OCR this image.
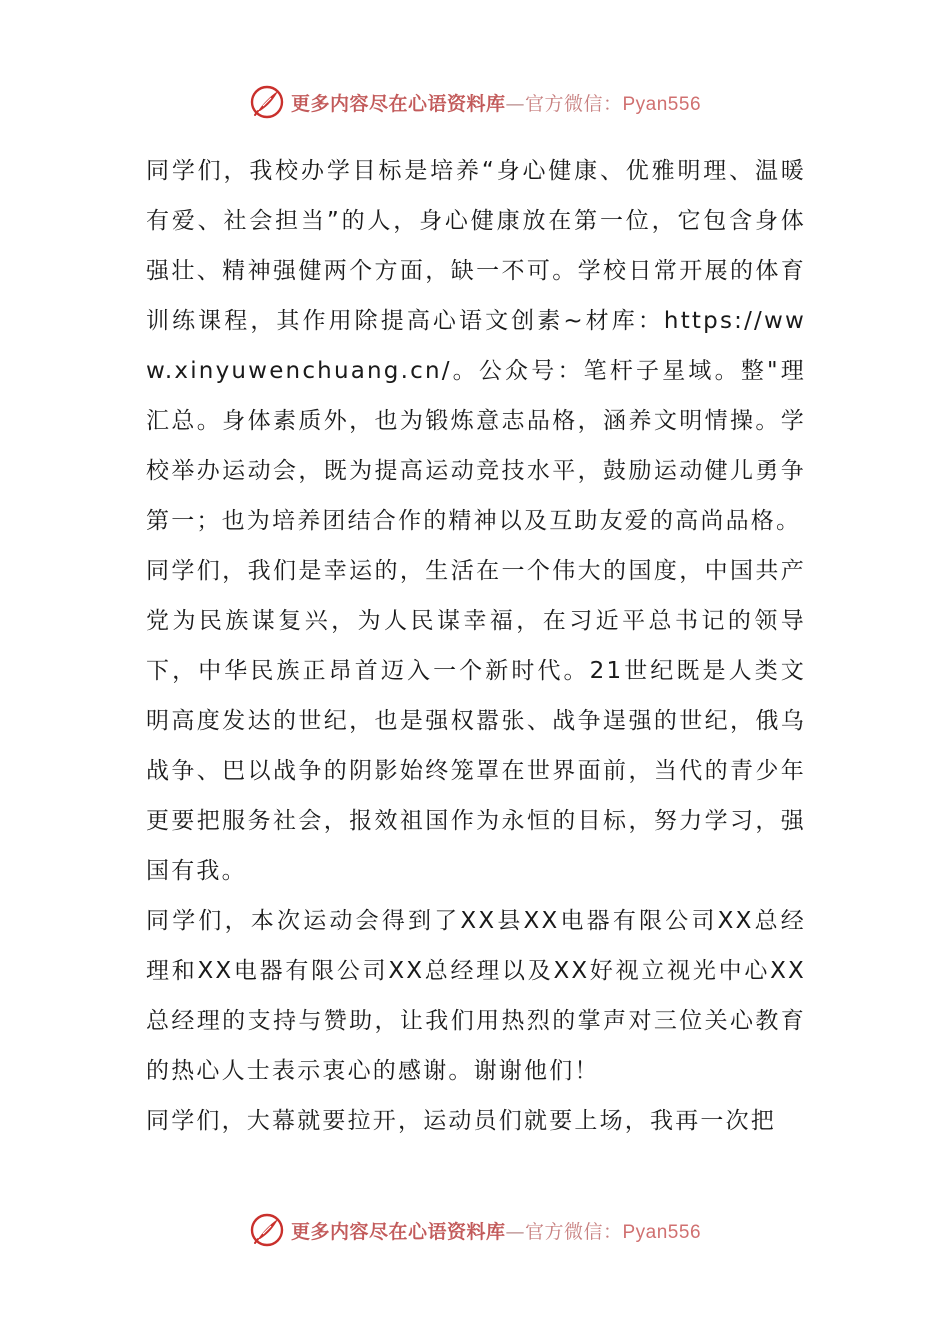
更多内容尽在心语资料库—官方微信：Pyan556

同学们，我校办学目标是培养“身心健康、优雅明理、温暖有爱、社会担当”的人，身心健康放在第一位，它包含身体强壮、精神强健两个方面，缺一不可。学校日常开展的体育训练课程，其作用除提高心语文创素~材库：https://www.xinyuwenchuang.cn/。公众号：笔杆子星域。整"理汇总。身体素质外，也为锻炼意志品格，涵养文明情操。学校举办运动会，既为提高运动竞技水平，鼓励运动健儿勇争第一；也为培养团结合作的精神以及互助友爱的高尚品格。

同学们，我们是幸运的，生活在一个伟大的国度，中国共产党为民族谋复兴，为人民谋幸福，在习近平总书记的领导下，中华民族正昂首迈入一个新时代。21世纪既是人类文明高度发达的世纪，也是强权嚣张、战争逞强的世纪，俄乌战争、巴以战争的阴影始终笼罩在世界面前，当代的青少年更要把服务社会，报效祖国作为永恒的目标，努力学习，强国有我。

同学们，本次运动会得到了XX县XX电器有限公司XX总经理和XX电器有限公司XX总经理以及XX好视立视光中心XX总经理的支持与赞助，让我们用热烈的掌声对三位关心教育的热心人士表示衷心的感谢。谢谢他们！

同学们，大幕就要拉开，运动员们就要上场，我再一次把

更多内容尽在心语资料库—官方微信：Pyan556
